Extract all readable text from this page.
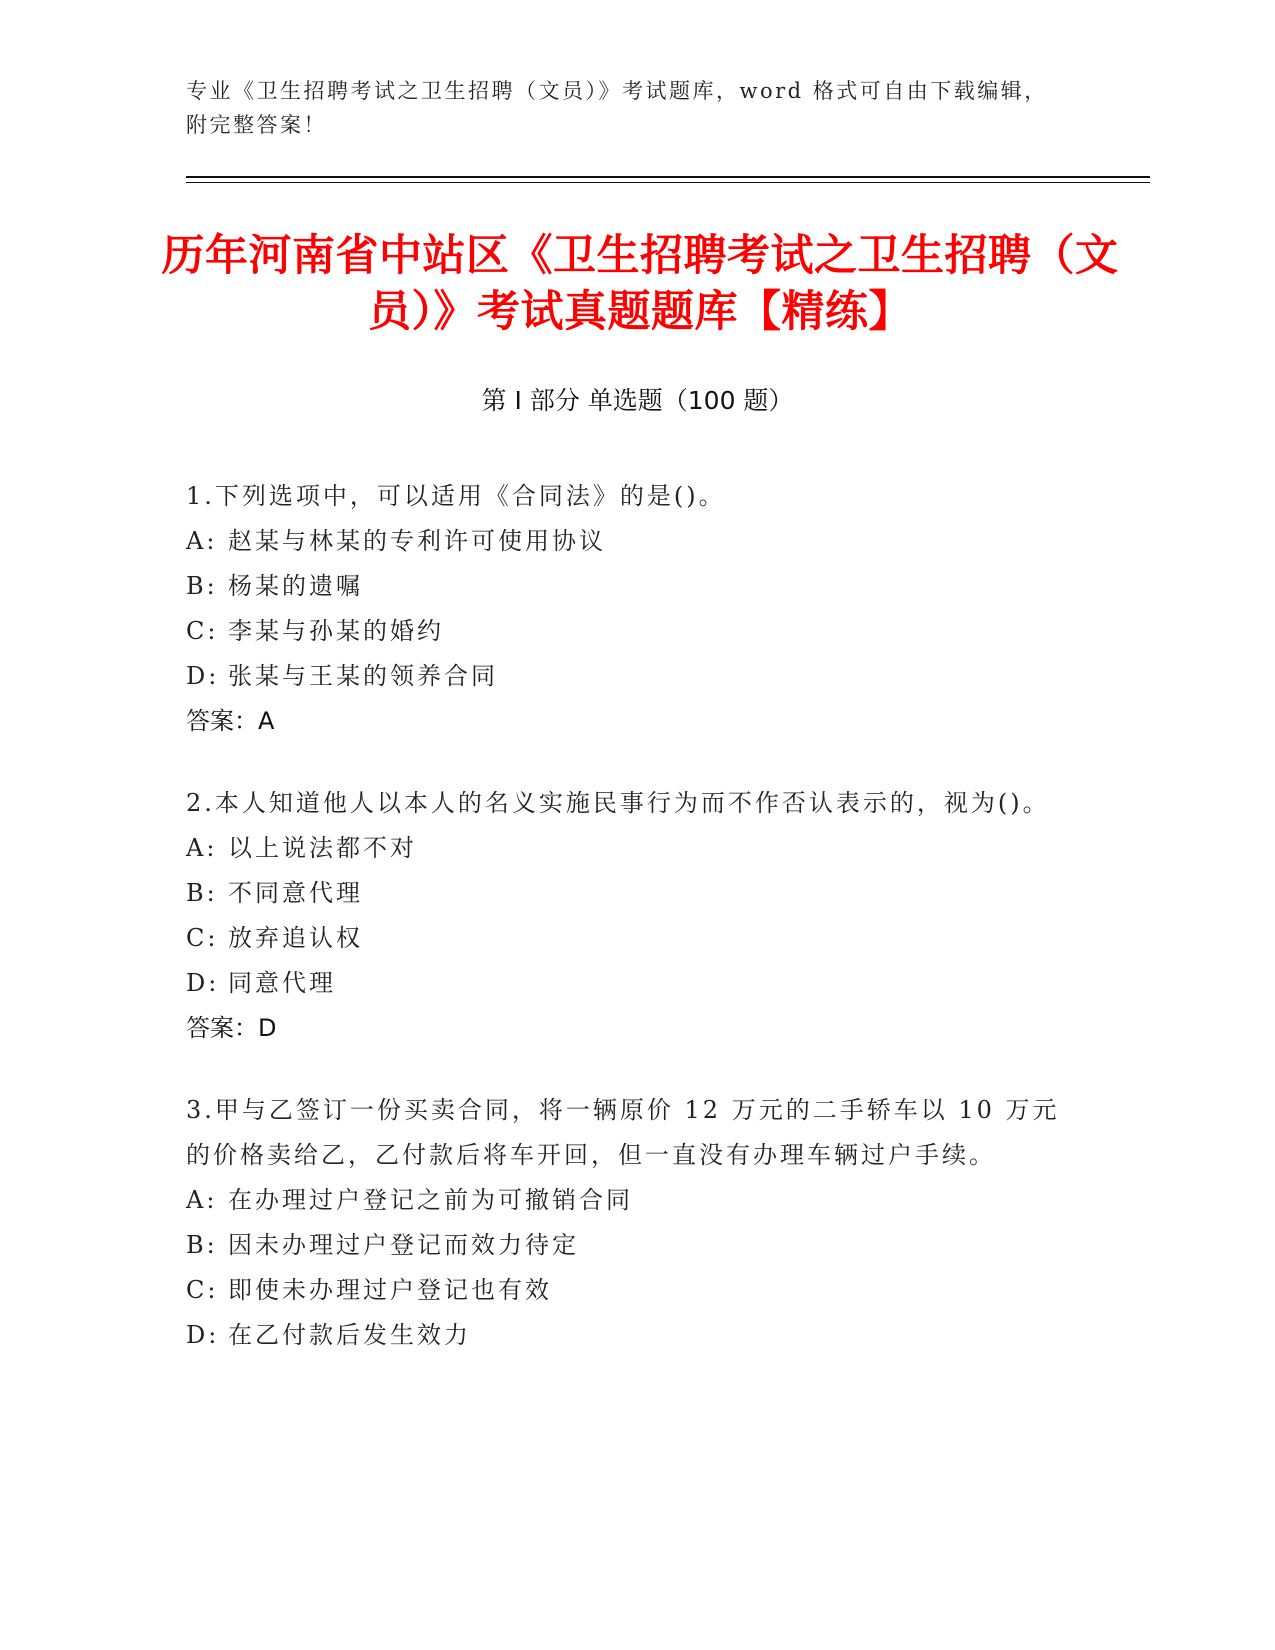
专业《卫生招聘考试之卫生招聘（文员）》考试题库，word 格式可自由下载编辑，附完整答案！
历年河南省中站区《卫生招聘考试之卫生招聘（文员）》考试真题题库【精练】
第 I 部分 单选题（100 题）
1.下列选项中，可以适用《合同法》的是()。
A: 赵某与林某的专利许可使用协议
B: 杨某的遗嘱
C: 李某与孙某的婚约
D: 张某与王某的领养合同
答案：A
2.本人知道他人以本人的名义实施民事行为而不作否认表示的，视为()。
A: 以上说法都不对
B: 不同意代理
C: 放弃追认权
D: 同意代理
答案：D
3.甲与乙签订一份买卖合同，将一辆原价 12 万元的二手轿车以 10 万元的价格卖给乙，乙付款后将车开回，但一直没有办理车辆过户手续。
A: 在办理过户登记之前为可撤销合同
B: 因未办理过户登记而效力待定
C: 即使未办理过户登记也有效
D: 在乙付款后发生效力
